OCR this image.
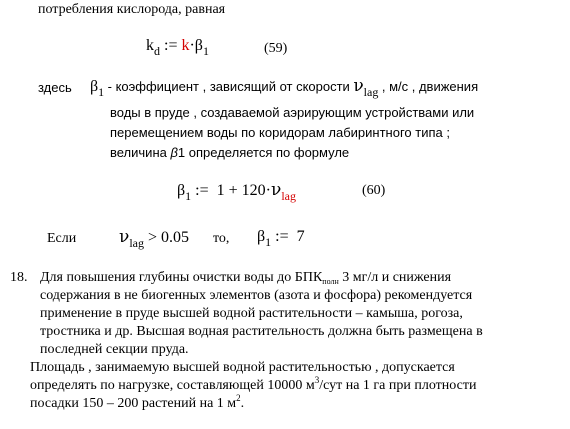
потребления кислорода, равная
$k_d$ := $k\cdot\beta_1$	(59)
здесь β1 - коэффициент , зависящий от скорости νlag , м/с , движения
воды в пруде , создаваемой аэрирующим устройствами или
перемещением воды по коридорам лабиринтного типа ;
величина β1 определяется по формуле
$\beta_1$ :=  $1 + 120\cdot\nu_{lag}$	(60)
Если	$\nu_{lag} > 0.05$ то, $\beta_1$ :=  7
18. Для повышения глубины очистки воды до $БПК_{полн}$ 3 мг/л и снижения
содержания в не биогенных элементов (азота и фосфора) рекомендуется
применение в пруде высшей водной растительности – камыша, рогоза,
тростника и др. Высшая водная растительность должна быть размещена в
последней секции пруда.
Площадь , занимаемую высшей водной растительностью , допускается
определять по нагрузке, составляющей 10000 $м^3$/сут на 1 га при плотности
посадки 150 – 200 растений на 1 $м^2$.
